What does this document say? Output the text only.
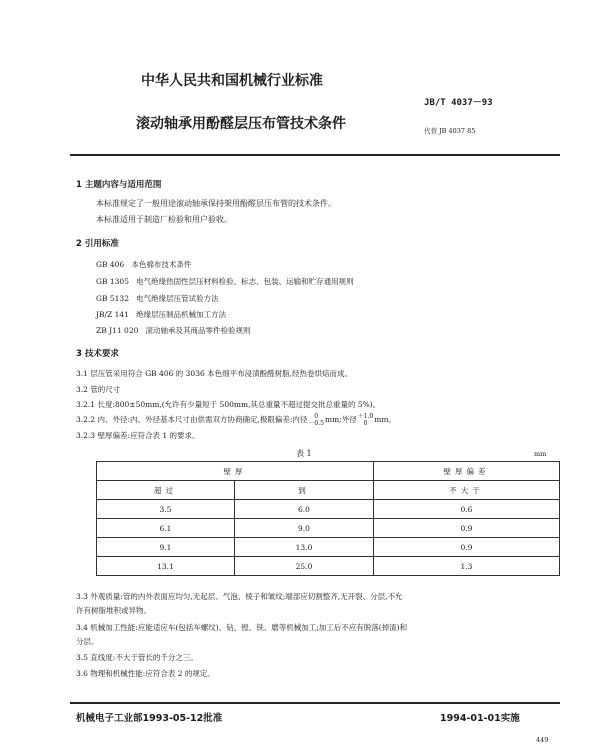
中华人民共和国机械行业标准
JB/T 4037－93
滚动轴承用酚醛层压布管技术条件	代替 JB 4037 85
1 主题内容与适用范围
本标准规定了一般用途滚动轴承保持架用酚醛层压布管的技术条件。
本标准适用于制造厂检验和用户验收。
2 引用标准
GB 406 本色棉布技术条件
GB 1305 电气绝缘热固性层压材料检验、标志、包装、运输和贮存通用规则
GB 5132 电气绝缘层压管试验方法
JB/Z 141 绝缘层压制品机械加工方法
ZB J11 020 滚动轴承及其商品零件检验规则
3 技术要求
3.1 层压管采用符合 GB 406 的 3036 本色细平布浸渍酚醛树脂,经热卷烘焙而成。
3.2 管的尺寸
3.2.1 长度:800±50mm,(允许有少量短于 500mm,其总重量不超过提交批总重量的 5%)。
3.2.2 内、外径:内、外径基本尺寸由供需双方协商确定,极限偏差:内径	0
－0.5 mm;外径 ＋1.0
0 mm。
3.2.3 壁厚偏差:应符合表 1 的要求。
表 1	mm
壁厚		壁厚偏差
超过	到	不大于
3.5	6.0	0.6
6.1	9.0	0.9
9.1	13.0	0.9
13.1	25.0	1.3
3.3 外观质量:管的内外表面应均匀,无起层、气泡、棱子和皱纹;端部应切割整齐,无开裂、分层,不允
许有树脂堆积或异物。
3.4 机械加工性能:应能适应车(包括车螺纹)、钻、镗、铣、磨等机械加工;加工后不应有脱落(掉渣)和
分层。
3.5 直线度:不大于管长的千分之三。
3.6 物理和机械性能:应符合表 2 的规定。
机械电子工业部1993-05-12批准	1994-01-01实施
449
